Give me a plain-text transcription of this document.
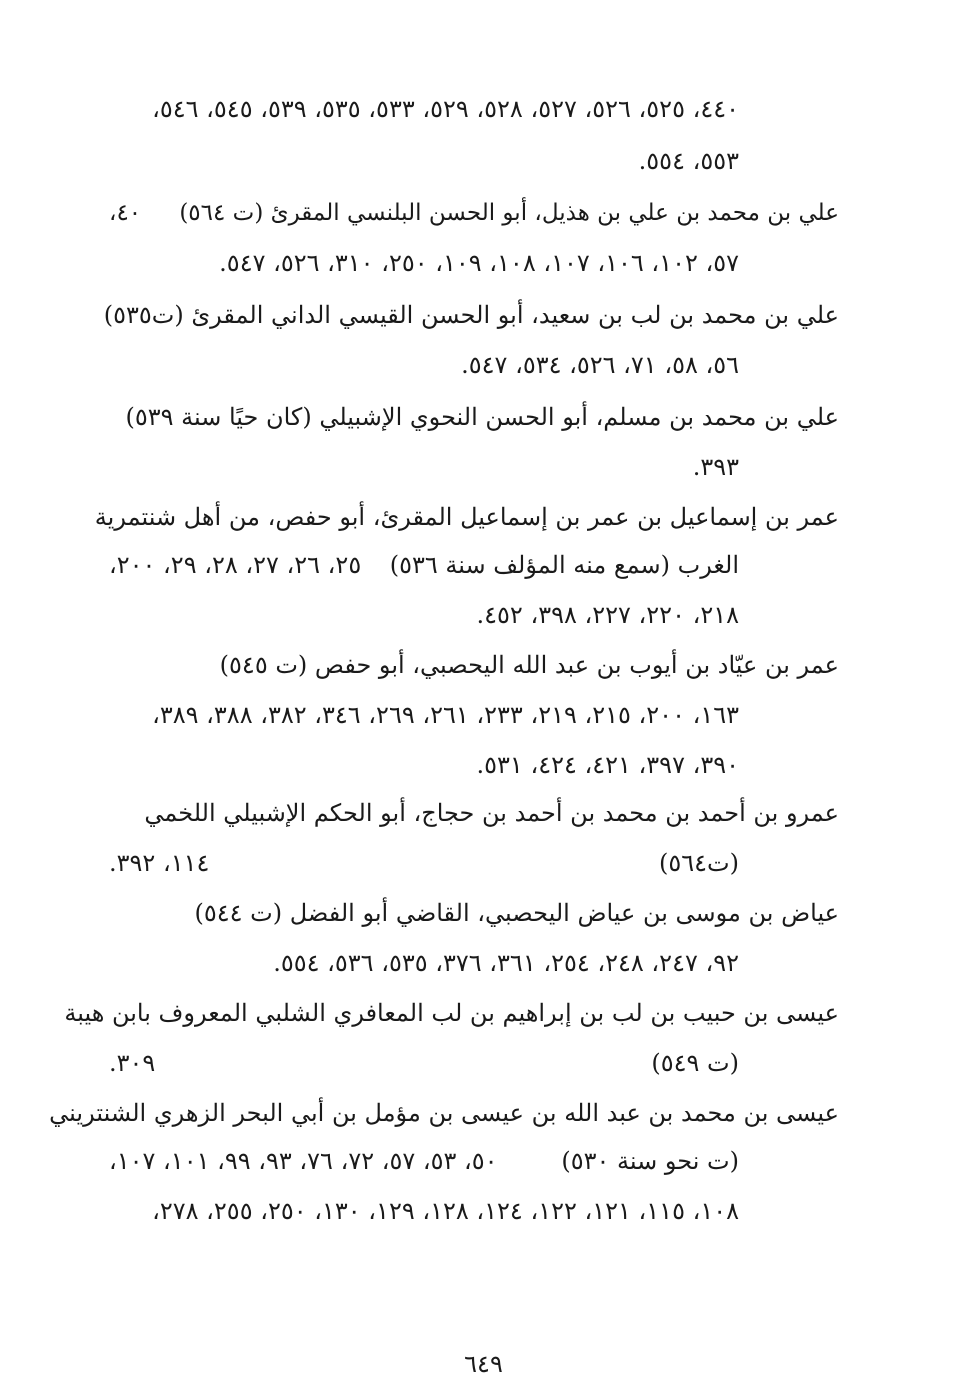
٤٤٠، ٥٢٥، ٥٢٦، ٥٢٧، ٥٢٨، ٥٢٩، ٥٣٣، ٥٣٥، ٥٣٩، ٥٤٥، ٥٤٦،
٥٥٣، ٥٥٤.
علي بن محمد بن علي بن هذيل، أبو الحسن البلنسي المقرئ (ت ٥٦٤)
٤٠،
٥٧، ١٠٢، ١٠٦، ١٠٧، ١٠٨، ١٠٩، ٢٥٠، ٣١٠، ٥٢٦، ٥٤٧.
علي بن محمد بن لب بن سعيد، أبو الحسن القيسي الداني المقرئ (ت٥٣٥)
٥٦، ٥٨، ٧١، ٥٢٦، ٥٣٤، ٥٤٧.
علي بن محمد بن مسلم، أبو الحسن النحوي الإشبيلي (كان حيًا سنة ٥٣٩)
٣٩٣.
عمر بن إسماعيل بن عمر بن إسماعيل المقرئ، أبو حفص، من أهل شنتمرية
الغرب (سمع منه المؤلف سنة ٥٣٦)
٢٥، ٢٦، ٢٧، ٢٨، ٢٩، ٢٠٠،
٢١٨، ٢٢٠، ٢٢٧، ٣٩٨، ٤٥٢.
عمر بن عيّاد بن أيوب بن عبد الله اليحصبي، أبو حفص (ت ٥٤٥)
١٦٣، ٢٠٠، ٢١٥، ٢١٩، ٢٣٣، ٢٦١، ٢٦٩، ٣٤٦، ٣٨٢، ٣٨٨، ٣٨٩،
٣٩٠، ٣٩٧، ٤٢١، ٤٢٤، ٥٣١.
عمرو بن أحمد بن محمد بن أحمد بن حجاج، أبو الحكم الإشبيلي اللخمي
(ت٥٦٤)
١١٤، ٣٩٢.
عياض بن موسى بن عياض اليحصبي، القاضي أبو الفضل (ت ٥٤٤)
٩٢، ٢٤٧، ٢٤٨، ٢٥٤، ٣٦١، ٣٧٦، ٥٣٥، ٥٣٦، ٥٥٤.
عيسى بن حبيب بن لب بن إبراهيم بن لب المعافري الشلبي المعروف بابن هيبة
(ت ٥٤٩)
٣٠٩.
عيسى بن محمد بن عبد الله بن عيسى بن مؤمل بن أبي البحر الزهري الشنتريني
(ت نحو سنة ٥٣٠)
٥٠، ٥٣، ٥٧، ٧٢، ٧٦، ٩٣، ٩٩، ١٠١، ١٠٧،
١٠٨، ١١٥، ١٢١، ١٢٢، ١٢٤، ١٢٨، ١٢٩، ١٣٠، ٢٥٠، ٢٥٥، ٢٧٨،
٦٤٩
